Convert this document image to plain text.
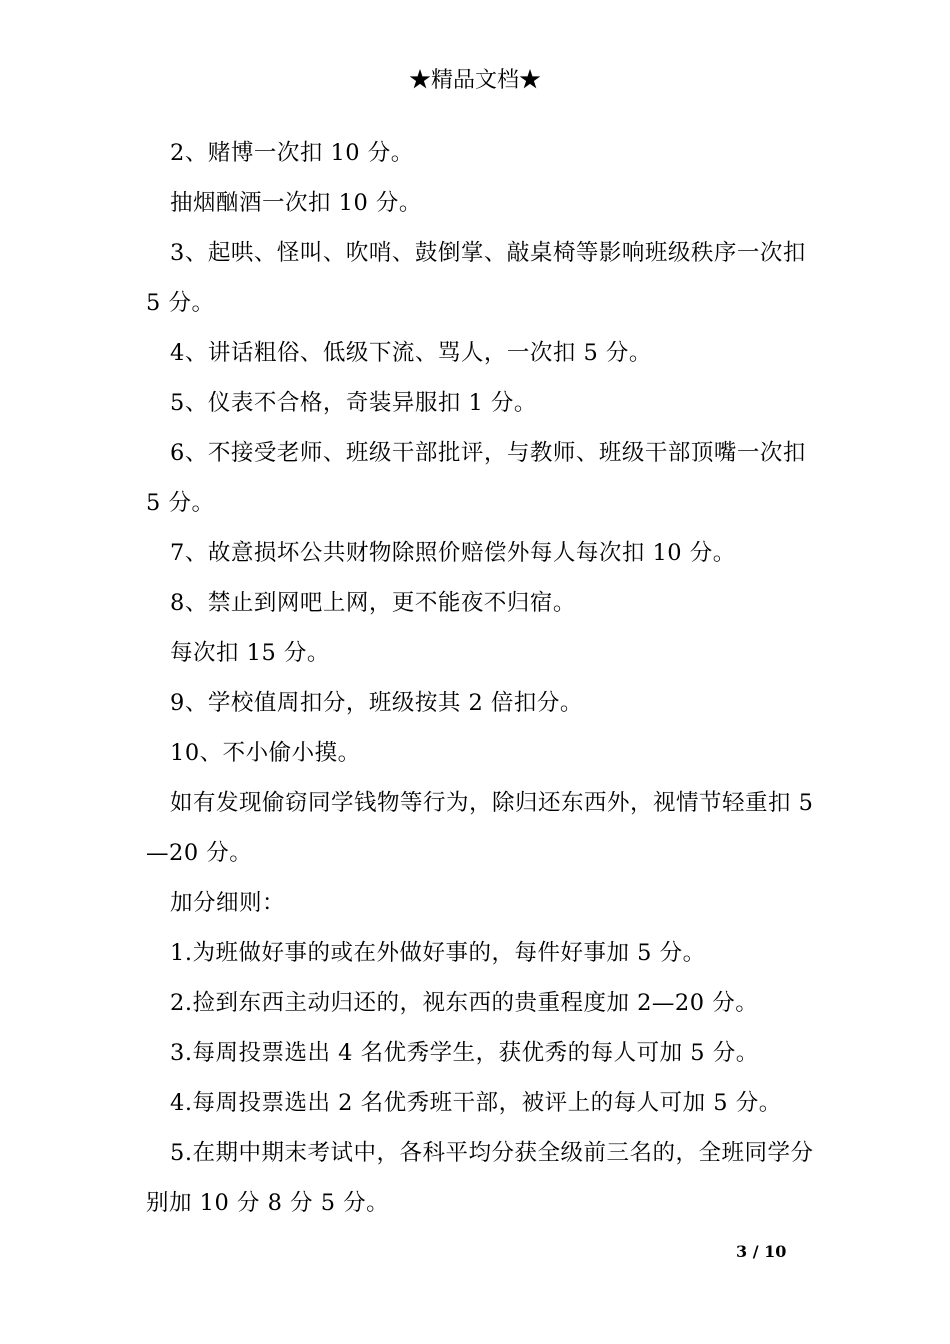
★精品文档★

2、赌博一次扣 10 分。

抽烟酗酒一次扣 10 分。

3、起哄、怪叫、吹哨、鼓倒掌、敲桌椅等影响班级秩序一次扣 5 分。

4、讲话粗俗、低级下流、骂人，一次扣 5 分。

5、仪表不合格，奇装异服扣 1 分。

6、不接受老师、班级干部批评，与教师、班级干部顶嘴一次扣 5 分。

7、故意损坏公共财物除照价赔偿外每人每次扣 10 分。

8、禁止到网吧上网，更不能夜不归宿。

每次扣 15 分。

9、学校值周扣分，班级按其 2 倍扣分。

10、不小偷小摸。

如有发现偷窃同学钱物等行为，除归还东西外，视情节轻重扣 5—20 分。

加分细则：

1.为班做好事的或在外做好事的，每件好事加 5 分。

2.捡到东西主动归还的，视东西的贵重程度加 2—20 分。

3.每周投票选出 4 名优秀学生，获优秀的每人可加 5 分。

4.每周投票选出 2 名优秀班干部，被评上的每人可加 5 分。

5.在期中期末考试中，各科平均分获全级前三名的，全班同学分别加 10 分 8 分 5 分。

3 / 10
